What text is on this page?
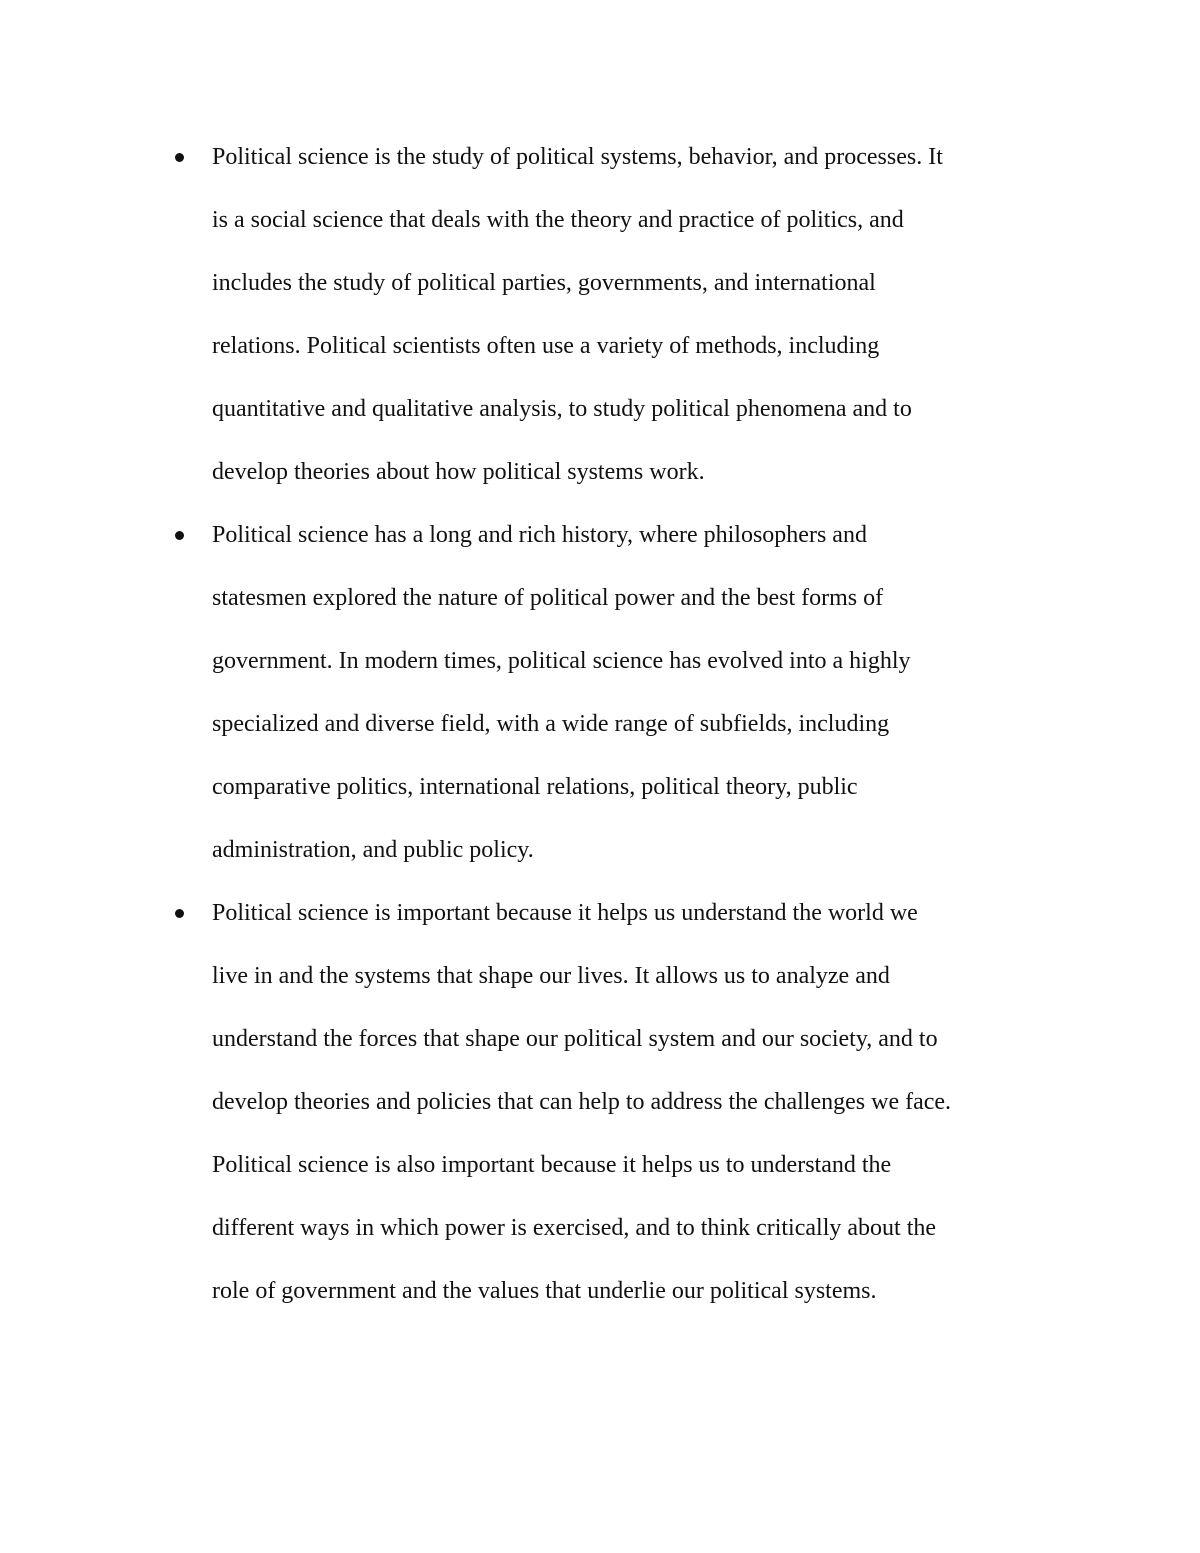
Political science is the study of political systems, behavior, and processes. It
is a social science that deals with the theory and practice of politics, and
includes the study of political parties, governments, and international
relations. Political scientists often use a variety of methods, including
quantitative and qualitative analysis, to study political phenomena and to
develop theories about how political systems work.
Political science has a long and rich history, where philosophers and
statesmen explored the nature of political power and the best forms of
government. In modern times, political science has evolved into a highly
specialized and diverse field, with a wide range of subfields, including
comparative politics, international relations, political theory, public
administration, and public policy.
Political science is important because it helps us understand the world we
live in and the systems that shape our lives. It allows us to analyze and
understand the forces that shape our political system and our society, and to
develop theories and policies that can help to address the challenges we face.
Political science is also important because it helps us to understand the
different ways in which power is exercised, and to think critically about the
role of government and the values that underlie our political systems.
